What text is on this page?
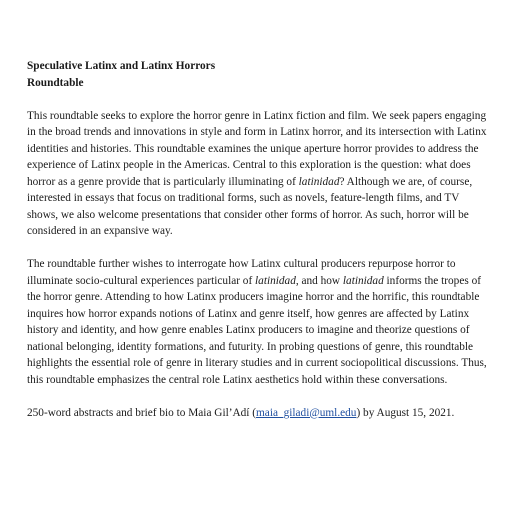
Speculative Latinx and Latinx Horrors
Roundtable

This roundtable seeks to explore the horror genre in Latinx fiction and film. We seek papers engaging in the broad trends and innovations in style and form in Latinx horror, and its intersection with Latinx identities and histories. This roundtable examines the unique aperture horror provides to address the experience of Latinx people in the Americas. Central to this exploration is the question: what does horror as a genre provide that is particularly illuminating of latinidad? Although we are, of course, interested in essays that focus on traditional forms, such as novels, feature-length films, and TV shows, we also welcome presentations that consider other forms of horror. As such, horror will be considered in an expansive way.

The roundtable further wishes to interrogate how Latinx cultural producers repurpose horror to illuminate socio-cultural experiences particular of latinidad, and how latinidad informs the tropes of the horror genre. Attending to how Latinx producers imagine horror and the horrific, this roundtable inquires how horror expands notions of Latinx and genre itself, how genres are affected by Latinx history and identity, and how genre enables Latinx producers to imagine and theorize questions of national belonging, identity formations, and futurity. In probing questions of genre, this roundtable highlights the essential role of genre in literary studies and in current sociopolitical discussions. Thus, this roundtable emphasizes the central role Latinx aesthetics hold within these conversations.

250-word abstracts and brief bio to Maia Gil’Adí (maia_giladi@uml.edu) by August 15, 2021.
